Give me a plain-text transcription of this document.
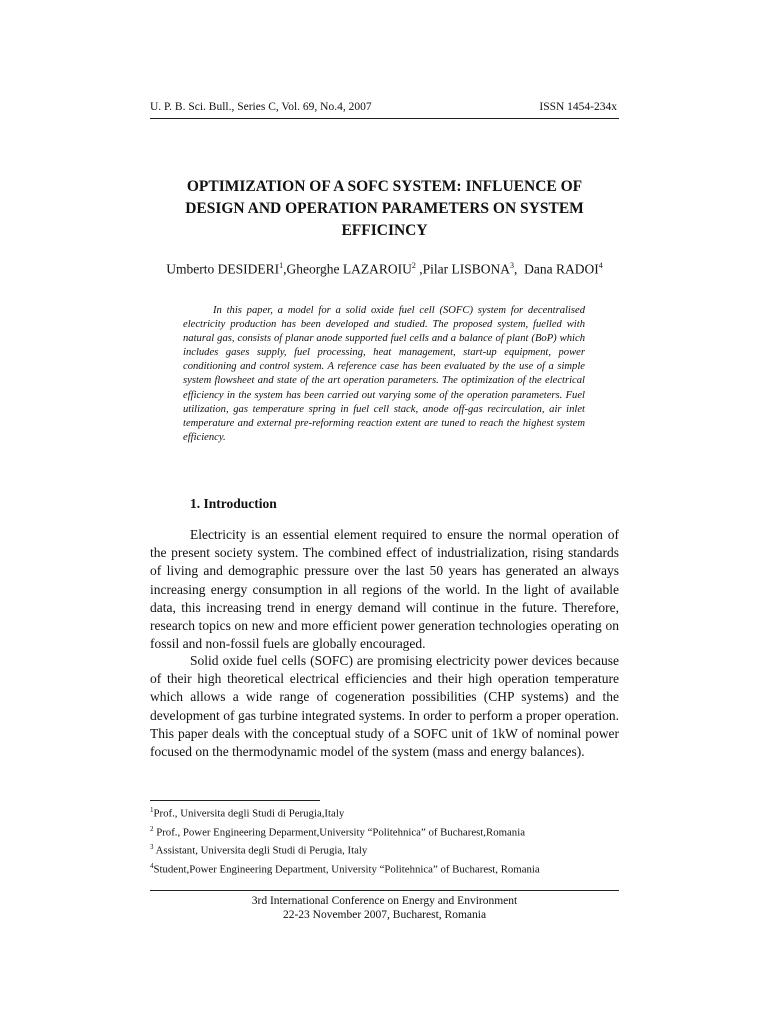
U. P. B. Sci. Bull., Series C, Vol. 69, No.4, 2007	ISSN 1454-234x
OPTIMIZATION OF A SOFC SYSTEM: INFLUENCE OF
DESIGN AND OPERATION PARAMETERS ON SYSTEM
EFFICINCY
Umberto DESIDERI$^1$,Gheorghe LAZAROIU$^2$ ,Pilar LISBONA$^3$,  Dana RADOI$^4$

In this paper, a model for a solid oxide fuel cell (SOFC) system for decentralised electricity production has been developed and studied. The proposed system, fuelled with natural gas, consists of planar anode supported fuel cells and a balance of plant (BoP) which includes gases supply, fuel processing, heat management, start-up equipment, power conditioning and control system. A reference case has been evaluated by the use of a simple system flowsheet and state of the art operation parameters. The optimization of the electrical efficiency in the system has been carried out varying some of the operation parameters. Fuel utilization, gas temperature spring in fuel cell stack, anode off-gas recirculation, air inlet temperature and external pre-reforming reaction extent are tuned to reach the highest system efficiency.

1. Introduction

Electricity is an essential element required to ensure the normal operation of the present society system. The combined effect of industrialization, rising standards of living and demographic pressure over the last 50 years has generated an always increasing energy consumption in all regions of the world. In the light of available data, this increasing trend in energy demand will continue in the future. Therefore, research topics on new and more efficient power generation technologies operating on fossil and non-fossil fuels are globally encouraged.

Solid oxide fuel cells (SOFC) are promising electricity power devices because of their high theoretical electrical efficiencies and their high operation temperature which allows a wide range of cogeneration possibilities (CHP systems) and the development of gas turbine integrated systems. In order to perform a proper operation. This paper deals with the conceptual study of a SOFC unit of 1kW of nominal power focused on the thermodynamic model of the system (mass and energy balances).

$^1$Prof., Universita degli Studi di Perugia,Italy
$^2$ Prof., Power Engineering Deparment,University “Politehnica” of Bucharest,Romania
$^3$ Assistant, Universita degli Studi di Perugia, Italy
$^4$Student,Power Engineering Department, University “Politehnica” of Bucharest, Romania
3rd International Conference on Energy and Environment
22-23 November 2007, Bucharest, Romania
